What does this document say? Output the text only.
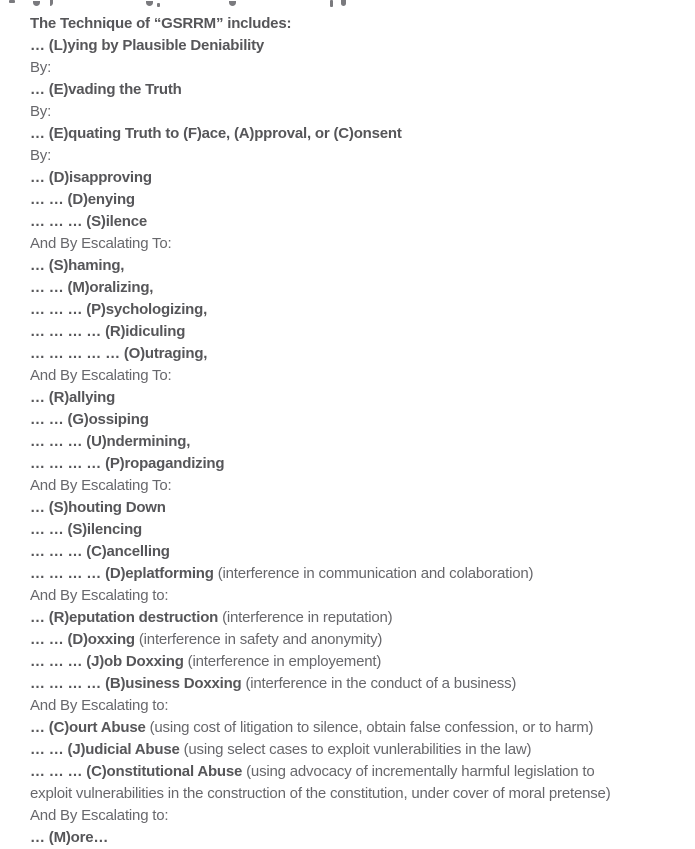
The Technique of “GSRRM” includes:
… (L)ying by Plausible Deniability
By:
… (E)vading the Truth
By:
… (E)quating Truth to (F)ace, (A)pproval, or (C)onsent
By:
… (D)isapproving
… … (D)enying
… … … (S)ilence
And By Escalating To:
… (S)haming,
… … (M)oralizing,
… … … (P)sychologizing,
… … … … (R)idiculing
… … … … … (O)utraging,
And By Escalating To:
… (R)allying
… … (G)ossiping
… … … (U)ndermining,
… … … … (P)ropagandizing
And By Escalating To:
… (S)houting Down
… … (S)ilencing
… … … (C)ancelling
… … … … (D)eplatforming (interference in communication and colaboration)
And By Escalating to:
… (R)eputation destruction (interference in reputation)
… … (D)oxxing (interference in safety and anonymity)
… … … (J)ob Doxxing (interference in employement)
… … … … (B)usiness Doxxing (interference in the conduct of a business)
And By Escalating to:
… (C)ourt Abuse (using cost of litigation to silence, obtain false confession, or to harm)
… … (J)udicial Abuse (using select cases to exploit vunlerabilities in the law)
… … … (C)onstitutional Abuse (using advocacy of incrementally harmful legislation to
exploit vulnerabilities in the construction of the constitution, under cover of moral pretense)
And By Escalating to:
… (M)ore…
